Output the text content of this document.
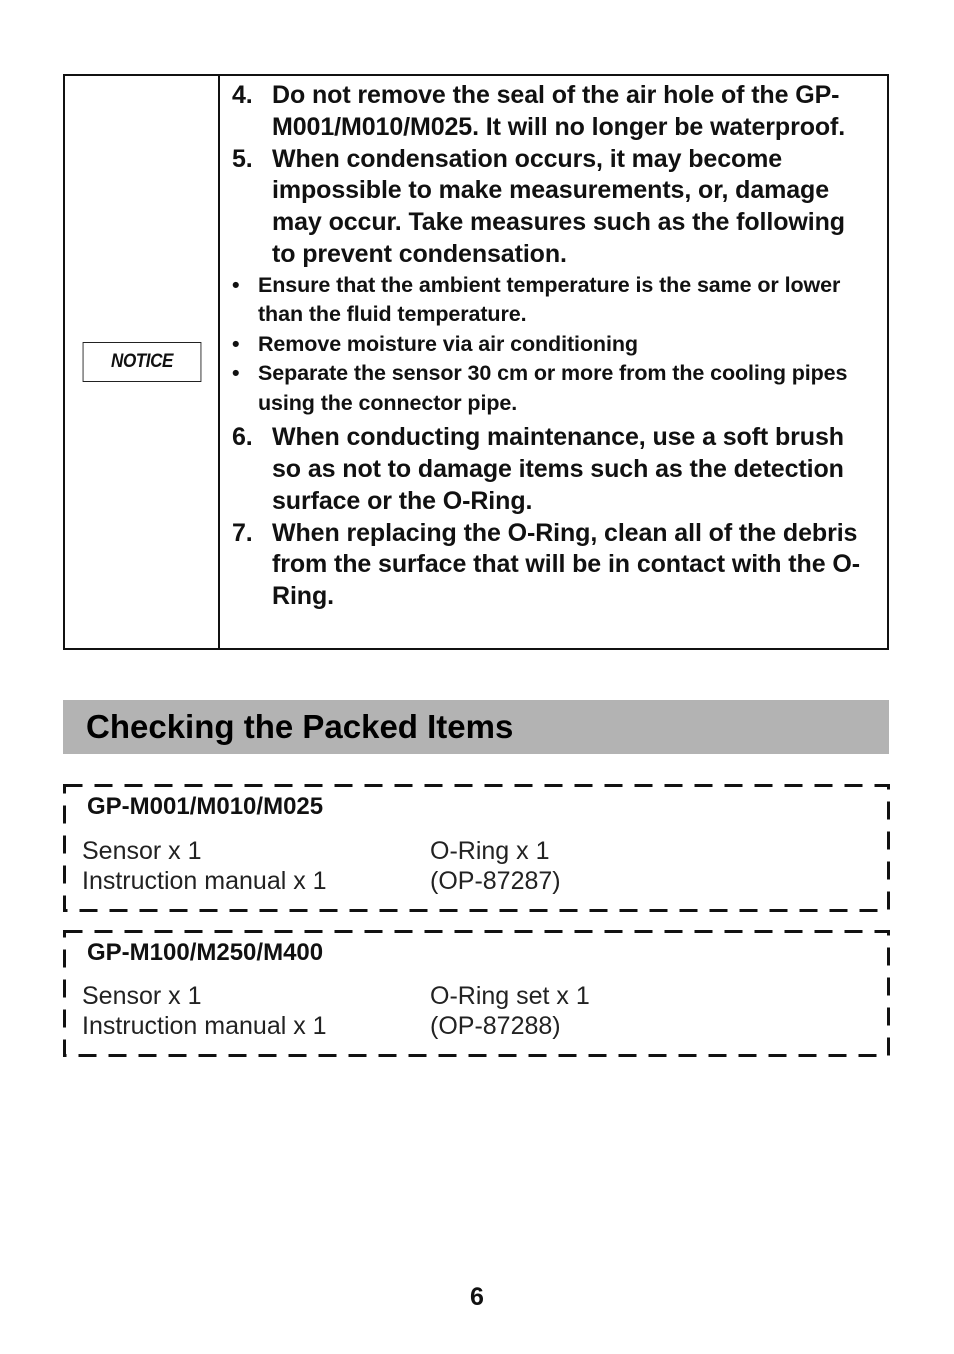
NOTICE
4. Do not remove the seal of the air hole of the GP-M001/M010/M025. It will no longer be waterproof.
5. When condensation occurs, it may become impossible to make measurements, or, damage may occur. Take measures such as the following to prevent condensation.
• Ensure that the ambient temperature is the same or lower than the fluid temperature.
• Remove moisture via air conditioning
• Separate the sensor 30 cm or more from the cooling pipes using the connector pipe.
6. When conducting maintenance, use a soft brush so as not to damage items such as the detection surface or the O-Ring.
7. When replacing the O-Ring, clean all of the debris from the surface that will be in contact with the O-Ring.
Checking the Packed Items
GP-M001/M010/M025
Sensor x 1
Instruction manual x 1
O-Ring x 1
(OP-87287)
GP-M100/M250/M400
Sensor x 1
Instruction manual x 1
O-Ring set x 1
(OP-87288)
6
